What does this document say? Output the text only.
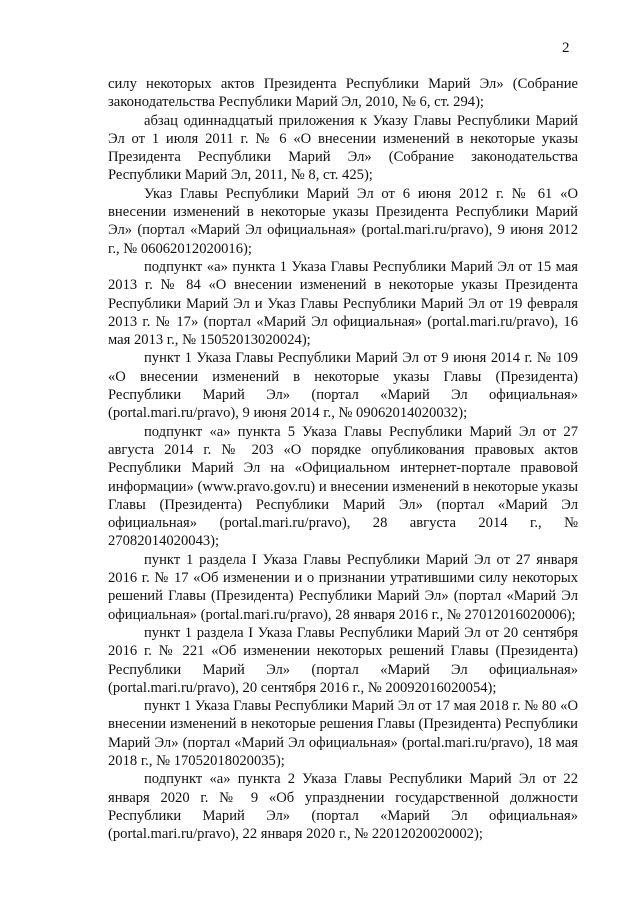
2

силу некоторых актов Президента Республики Марий Эл» (Собрание законодательства Республики Марий Эл, 2010, № 6, ст. 294);

абзац одиннадцатый приложения к Указу Главы Республики Марий Эл от 1 июля 2011 г. № 6 «О внесении изменений в некоторые указы Президента Республики Марий Эл» (Собрание законодательства Республики Марий Эл, 2011, № 8, ст. 425);

Указ Главы Республики Марий Эл от 6 июня 2012 г. № 61 «О внесении изменений в некоторые указы Президента Республики Марий Эл» (портал «Марий Эл официальная» (portal.mari.ru/pravo), 9 июня 2012 г., № 06062012020016);

подпункт «а» пункта 1 Указа Главы Республики Марий Эл от 15 мая 2013 г. № 84 «О внесении изменений в некоторые указы Президента Республики Марий Эл и Указ Главы Республики Марий Эл от 19 февраля 2013 г. № 17» (портал «Марий Эл официальная» (portal.mari.ru/pravo), 16 мая 2013 г., № 15052013020024);

пункт 1 Указа Главы Республики Марий Эл от 9 июня 2014 г. № 109 «О внесении изменений в некоторые указы Главы (Президента) Республики Марий Эл» (портал «Марий Эл официальная» (portal.mari.ru/pravo), 9 июня 2014 г., № 09062014020032);

подпункт «а» пункта 5 Указа Главы Республики Марий Эл от 27 августа 2014 г. № 203 «О порядке опубликования правовых актов Республики Марий Эл на «Официальном интернет-портале правовой информации» (www.pravo.gov.ru) и внесении изменений в некоторые указы Главы (Президента) Республики Марий Эл» (портал «Марий Эл официальная» (portal.mari.ru/pravo), 28 августа 2014 г., № 27082014020043);

пункт 1 раздела I Указа Главы Республики Марий Эл от 27 января 2016 г. № 17 «Об изменении и о признании утратившими силу некоторых решений Главы (Президента) Республики Марий Эл» (портал «Марий Эл официальная» (portal.mari.ru/pravo), 28 января 2016 г., № 27012016020006);

пункт 1 раздела I Указа Главы Республики Марий Эл от 20 сентября 2016 г. № 221 «Об изменении некоторых решений Главы (Президента) Республики Марий Эл» (портал «Марий Эл официальная» (portal.mari.ru/pravo), 20 сентября 2016 г., № 20092016020054);

пункт 1 Указа Главы Республики Марий Эл от 17 мая 2018 г. № 80 «О внесении изменений в некоторые решения Главы (Президента) Республики Марий Эл» (портал «Марий Эл официальная» (portal.mari.ru/pravo), 18 мая 2018 г., № 17052018020035);

подпункт «а» пункта 2 Указа Главы Республики Марий Эл от 22 января 2020 г. № 9 «Об упразднении государственной должности Республики Марий Эл» (портал «Марий Эл официальная» (portal.mari.ru/pravo), 22 января 2020 г., № 22012020020002);
